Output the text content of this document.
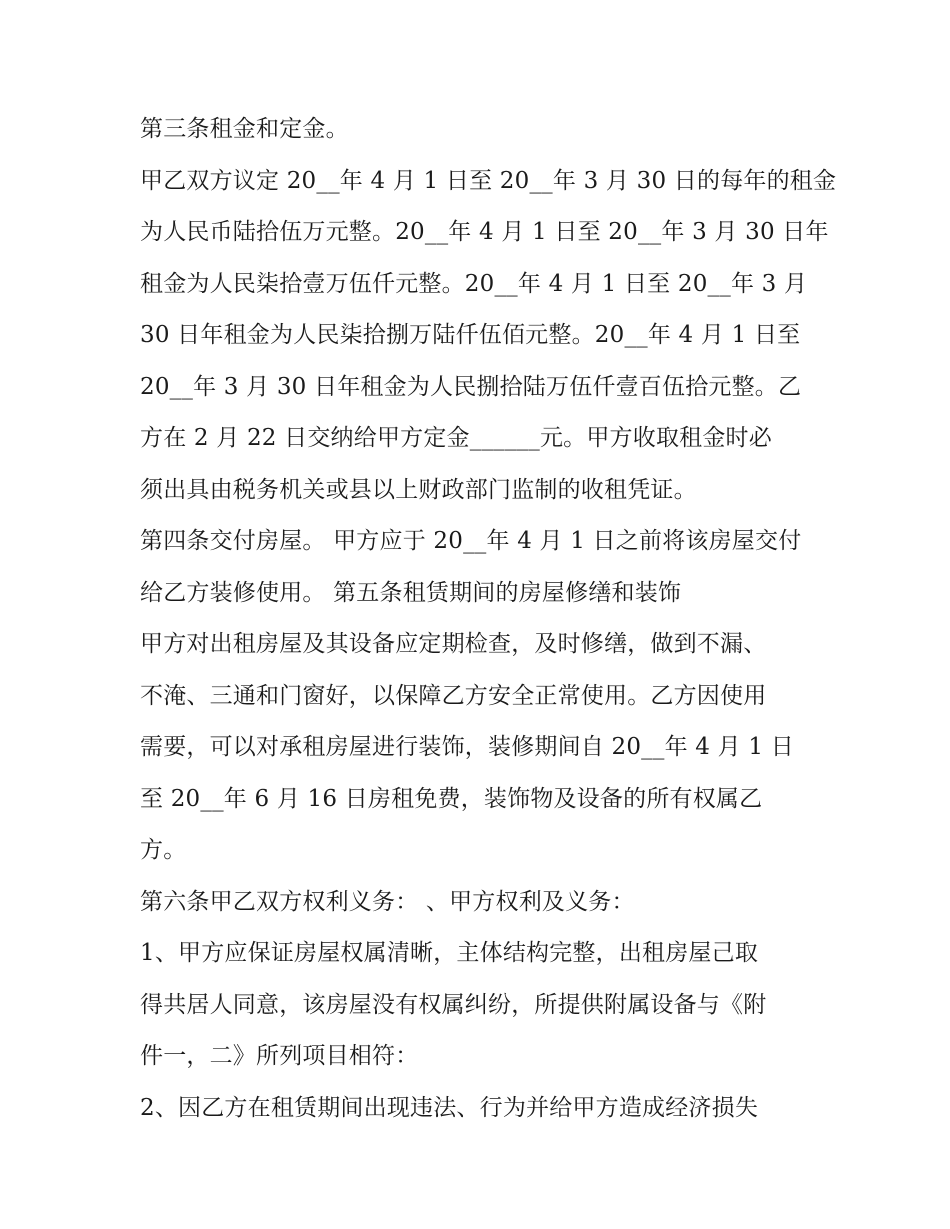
第三条租金和定金。
甲乙双方议定 20__年 4 月 1 日至 20__年 3 月 30 日的每年的租金
为人民币陆拾伍万元整。20__年 4 月 1 日至 20__年 3 月 30 日年
租金为人民柒拾壹万伍仟元整。20__年 4 月 1 日至 20__年 3 月
30 日年租金为人民柒拾捌万陆仟伍佰元整。20__年 4 月 1 日至
20__年 3 月 30 日年租金为人民捌拾陆万伍仟壹百伍拾元整。乙
方在 2 月 22 日交纳给甲方定金______元。甲方收取租金时必
须出具由税务机关或县以上财政部门监制的收租凭证。
第四条交付房屋。 甲方应于 20__年 4 月 1 日之前将该房屋交付
给乙方装修使用。 第五条租赁期间的房屋修缮和装饰
甲方对出租房屋及其设备应定期检查，及时修缮，做到不漏、
不淹、三通和门窗好，以保障乙方安全正常使用。乙方因使用
需要，可以对承租房屋进行装饰，装修期间自 20__年 4 月 1 日
至 20__年 6 月 16 日房租免费，装饰物及设备的所有权属乙
方。
第六条甲乙双方权利义务： 、甲方权利及义务：
1、甲方应保证房屋权属清晰，主体结构完整，出租房屋己取
得共居人同意，该房屋没有权属纠纷，所提供附属设备与《附
件一，二》所列项目相符：
2、因乙方在租赁期间出现违法、行为并给甲方造成经济损失
